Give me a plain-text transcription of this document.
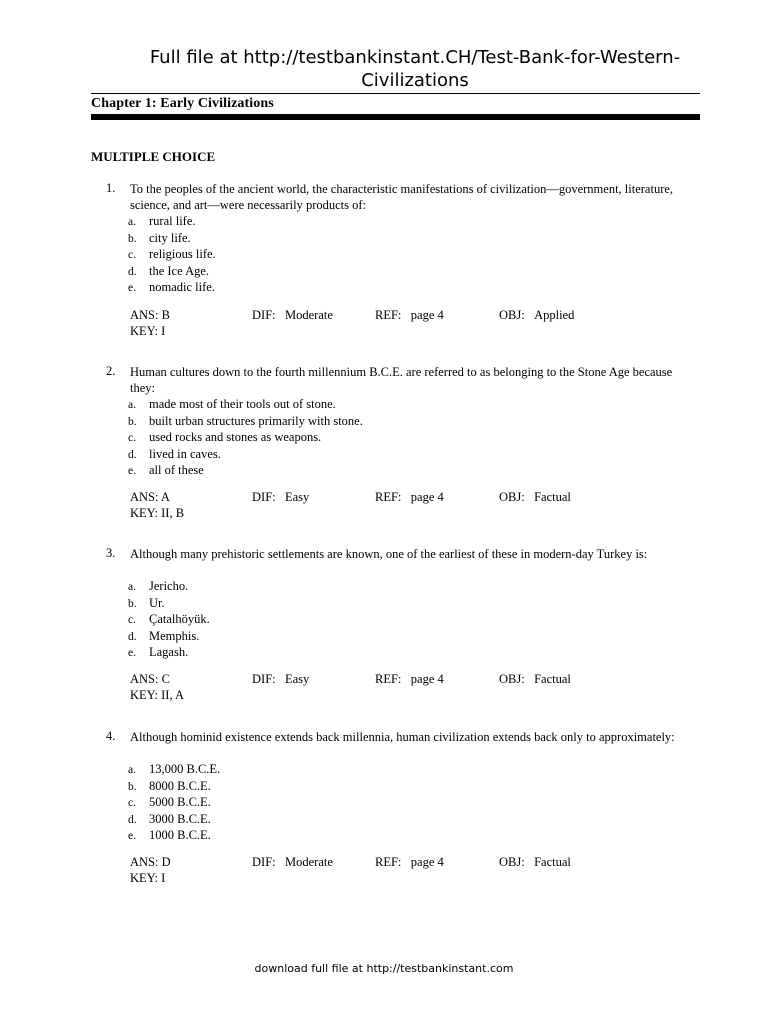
Full file at http://testbankinstant.CH/Test-Bank-for-Western-Civilizations
Chapter 1: Early Civilizations
MULTIPLE CHOICE
1. To the peoples of the ancient world, the characteristic manifestations of civilization—government, literature, science, and art—were necessarily products of:
a. rural life.
b. city life.
c. religious life.
d. the Ice Age.
e. nomadic life.
ANS: B	DIF: Moderate	REF: page 4	OBJ: Applied
KEY: I
2. Human cultures down to the fourth millennium B.C.E. are referred to as belonging to the Stone Age because they:
a. made most of their tools out of stone.
b. built urban structures primarily with stone.
c. used rocks and stones as weapons.
d. lived in caves.
e. all of these
ANS: A	DIF: Easy	REF: page 4	OBJ: Factual
KEY: II, B
3. Although many prehistoric settlements are known, one of the earliest of these in modern-day Turkey is:
a. Jericho.
b. Ur.
c. Çatalhöyük.
d. Memphis.
e. Lagash.
ANS: C	DIF: Easy	REF: page 4	OBJ: Factual
KEY: II, A
4. Although hominid existence extends back millennia, human civilization extends back only to approximately:
a. 13,000 B.C.E.
b. 8000 B.C.E.
c. 5000 B.C.E.
d. 3000 B.C.E.
e. 1000 B.C.E.
ANS: D	DIF: Moderate	REF: page 4	OBJ: Factual
KEY: I
download full file at http://testbankinstant.com
